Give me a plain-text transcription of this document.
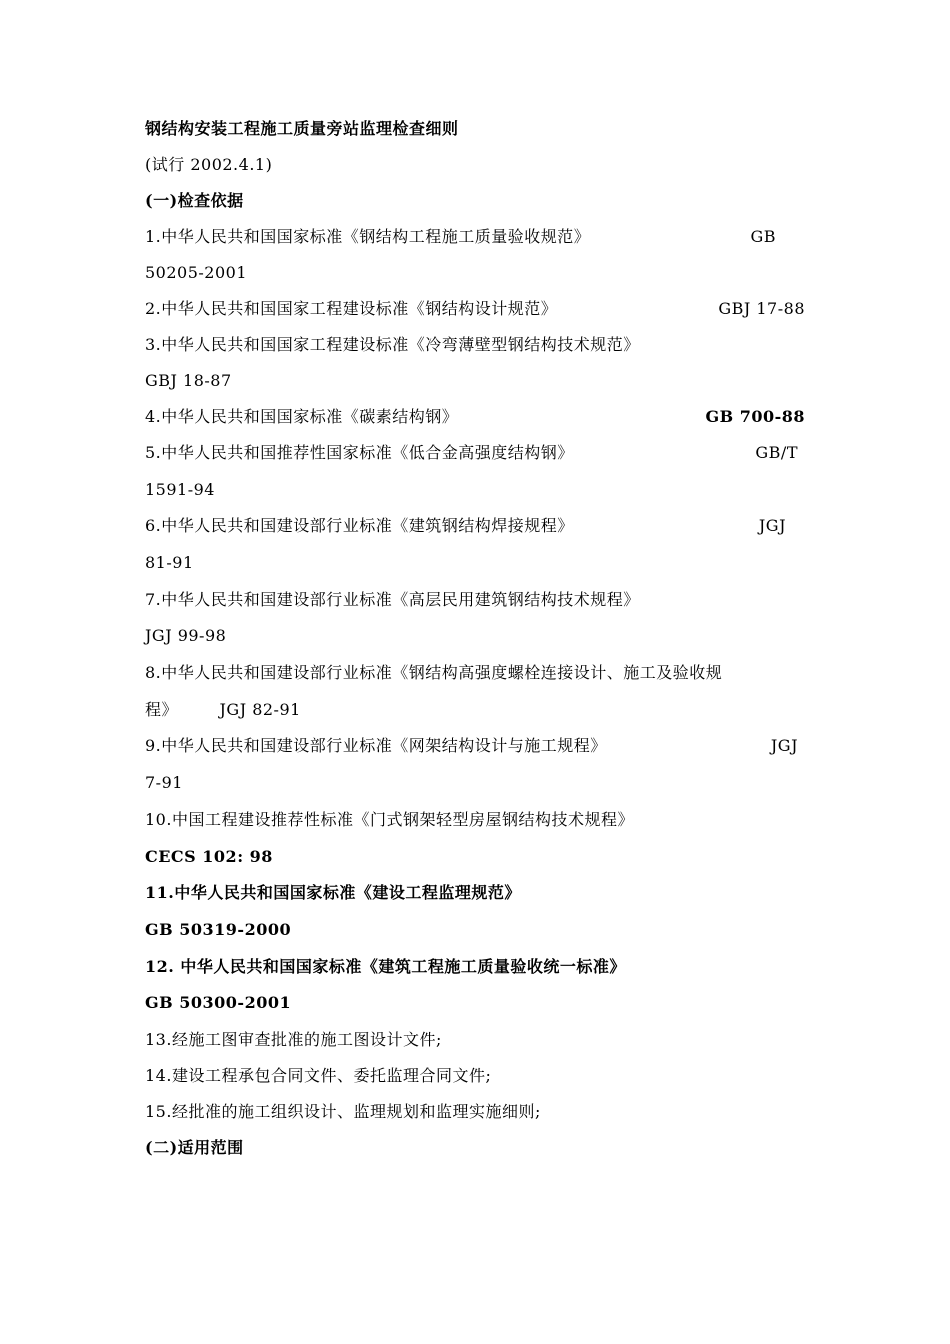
钢结构安装工程施工质量旁站监理检查细则
(试行 2002.4.1)
(一)检查依据
1.中华人民共和国国家标准《钢结构工程施工质量验收规范》	GB
50205-2001
2.中华人民共和国国家工程建设标准《钢结构设计规范》	GBJ 17-88
3.中华人民共和国国家工程建设标准《冷弯薄壁型钢结构技术规范》
GBJ 18-87
4.中华人民共和国国家标准《碳素结构钢》	GB 700-88
5.中华人民共和国推荐性国家标准《低合金高强度结构钢》	GB/T
1591-94
6.中华人民共和国建设部行业标准《建筑钢结构焊接规程》	JGJ
81-91
7.中华人民共和国建设部行业标准《高层民用建筑钢结构技术规程》
JGJ 99-98
8.中华人民共和国建设部行业标准《钢结构高强度螺栓连接设计、施工及验收规
程》　　　JGJ 82-91
9.中华人民共和国建设部行业标准《网架结构设计与施工规程》	JGJ
7-91
10.中国工程建设推荐性标准《门式钢架轻型房屋钢结构技术规程》
CECS 102: 98
11.中华人民共和国国家标准《建设工程监理规范》
GB 50319-2000
12. 中华人民共和国国家标准《建筑工程施工质量验收统一标准》
GB 50300-2001
13.经施工图审查批准的施工图设计文件;
14.建设工程承包合同文件、委托监理合同文件;
15.经批准的施工组织设计、监理规划和监理实施细则;
(二)适用范围
